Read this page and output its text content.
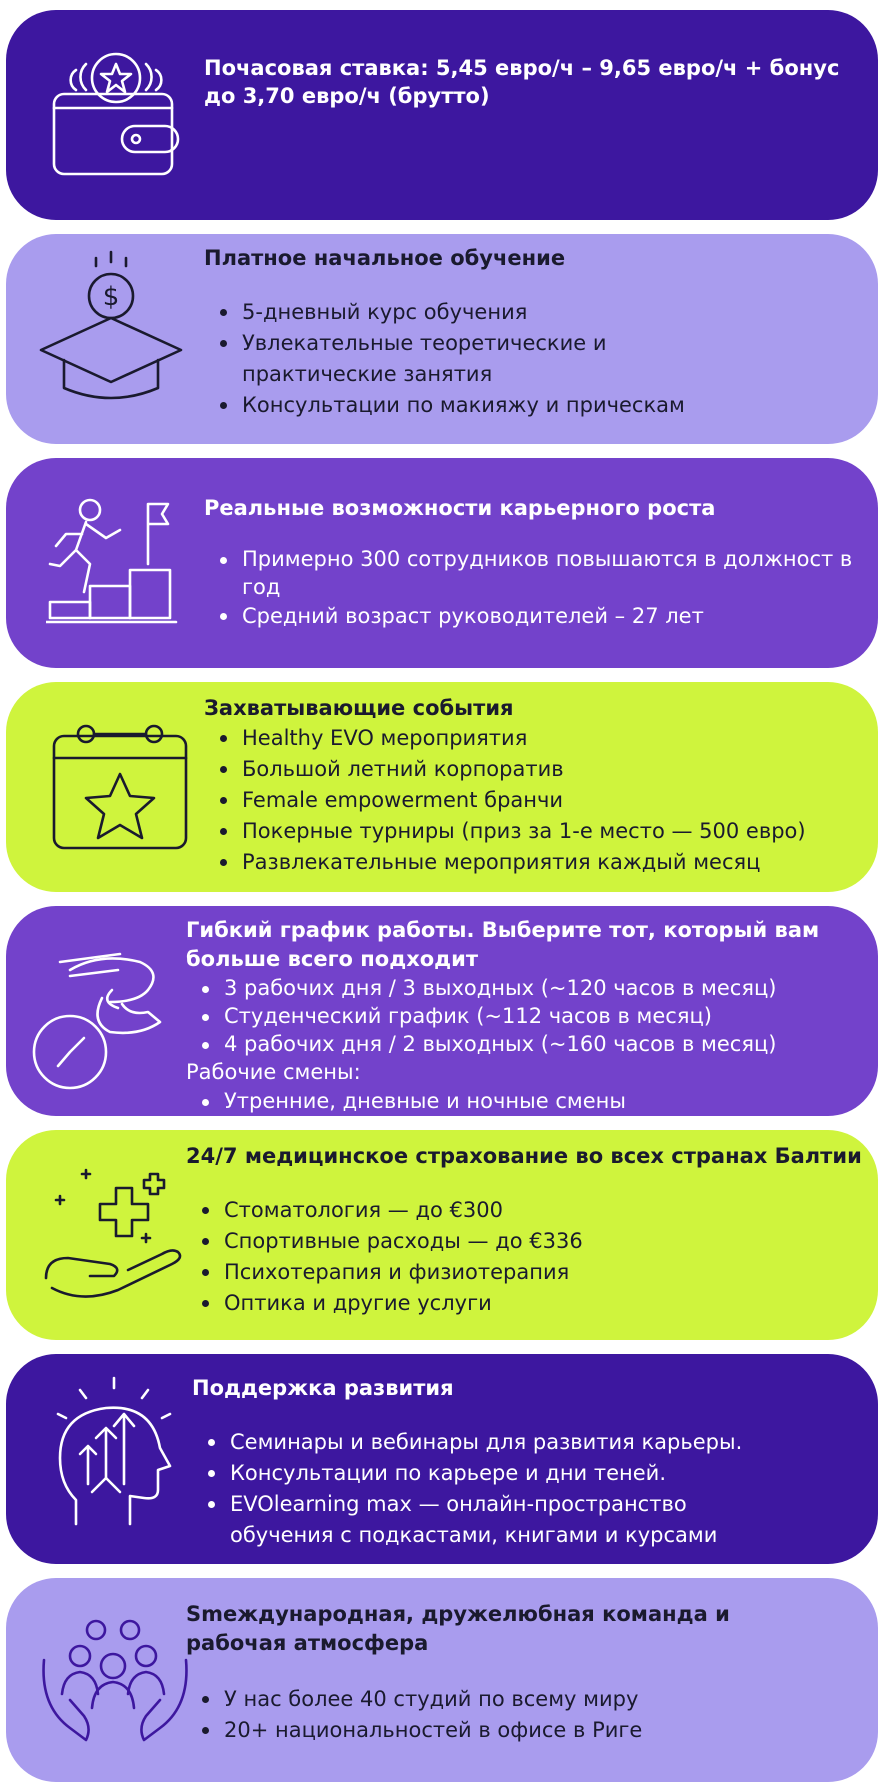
Почасовая ставка: 5,45 евро/ч – 9,65 евро/ч + бонус до 3,70 евро/ч (брутто)

$

Платное начальное обучение

5-дневный курс обучения
Увлекательные теоретические и практические занятия
Консультации по макияжу и прическам

Реальные возможности карьерного роста

Примерно 300 сотрудников повышаются в должност в год
Средний возраст руководителей – 27 лет

Захватывающие события

Healthy EVO мероприятия
Большой летний корпоратив
Female empowerment бранчи
Покерные турниры (приз за 1-е место — 500 евро)
Развлекательные мероприятия каждый месяц

Гибкий график работы. Выберите тот, который вам больше всего подходит

3 рабочих дня / 3 выходных (~120 часов в месяц)
Студенческий график (~112 часов в месяц)
4 рабочих дня / 2 выходных (~160 часов в месяц)

Рабочие смены:

Утренние, дневные и ночные смены

24/7 медицинское страхование во всех странах Балтии

Стоматология — до €300
Спортивные расходы — до €336
Психотерапия и физиотерапия
Оптика и другие услуги

Поддержка развития

Семинары и вебинары для развития карьеры.
Консультации по карьере и дни теней.
EVOlearning max — онлайн-пространство обучения с подкастами, книгами и курсами

Smеждународная, дружелюбная команда и рабочая атмосфера

У нас более 40 студий по всему миру
20+ национальностей в офисе в Риге
